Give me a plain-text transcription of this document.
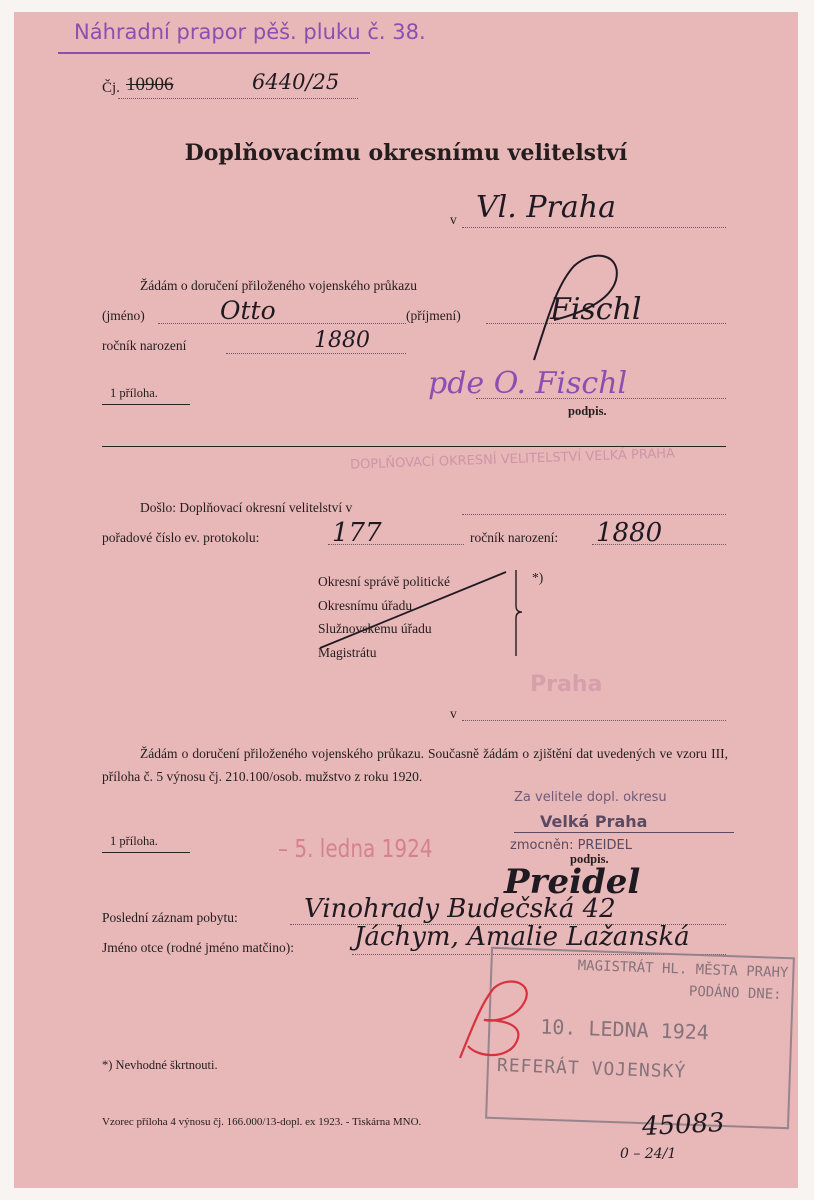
Náhradní prapor pěš. pluku č. 38.
Čj. 10906	6440/25
Doplňovacímu okresnímu velitelství
v Vl. Praha
Žádám o doručení přiloženého vojenského průkazu
(jméno)	Otto	(příjmení)	Fischl
ročník narození	1880
1 příloha.	pde O. Fischl
podpis.
DOPLŇOVACÍ OKRESNÍ VELITELSTVÍ VELKÁ PRAHA
Došlo: Doplňovací okresní velitelství v
pořadové číslo ev. protokolu:	177	ročník narození: 1880
Okresní správě politické
Okresnímu úřadu
Služnovskému úřadu
Magistrátu
*)
Praha
v
Žádám o doručení přiloženého vojenského průkazu. Současně žádám o zjištění dat uvedených ve vzoru III, příloha č. 5 výnosu čj. 210.100/osob. mužstvo z roku 1920.
Za velitele dopl. okresu
Velká Praha
zmocněn: PREIDEL
podpis.
Preidel
1 příloha.	– 5. ledna 1924
Poslední záznam pobytu:	Vinohrady Budečská 42
Jméno otce (rodné jméno matčino): Jáchym, Amalie Lažanská
MAGISTRÁT HL. MĚSTA PRAHY
PODÁNO DNE:
10. LEDNA 1924
REFERÁT VOJENSKÝ
45083
0 – 24/1
*) Nevhodné škrtnouti.
Vzorec příloha 4 výnosu čj. 166.000/13-dopl. ex 1923. - Tiskárna MNO.
